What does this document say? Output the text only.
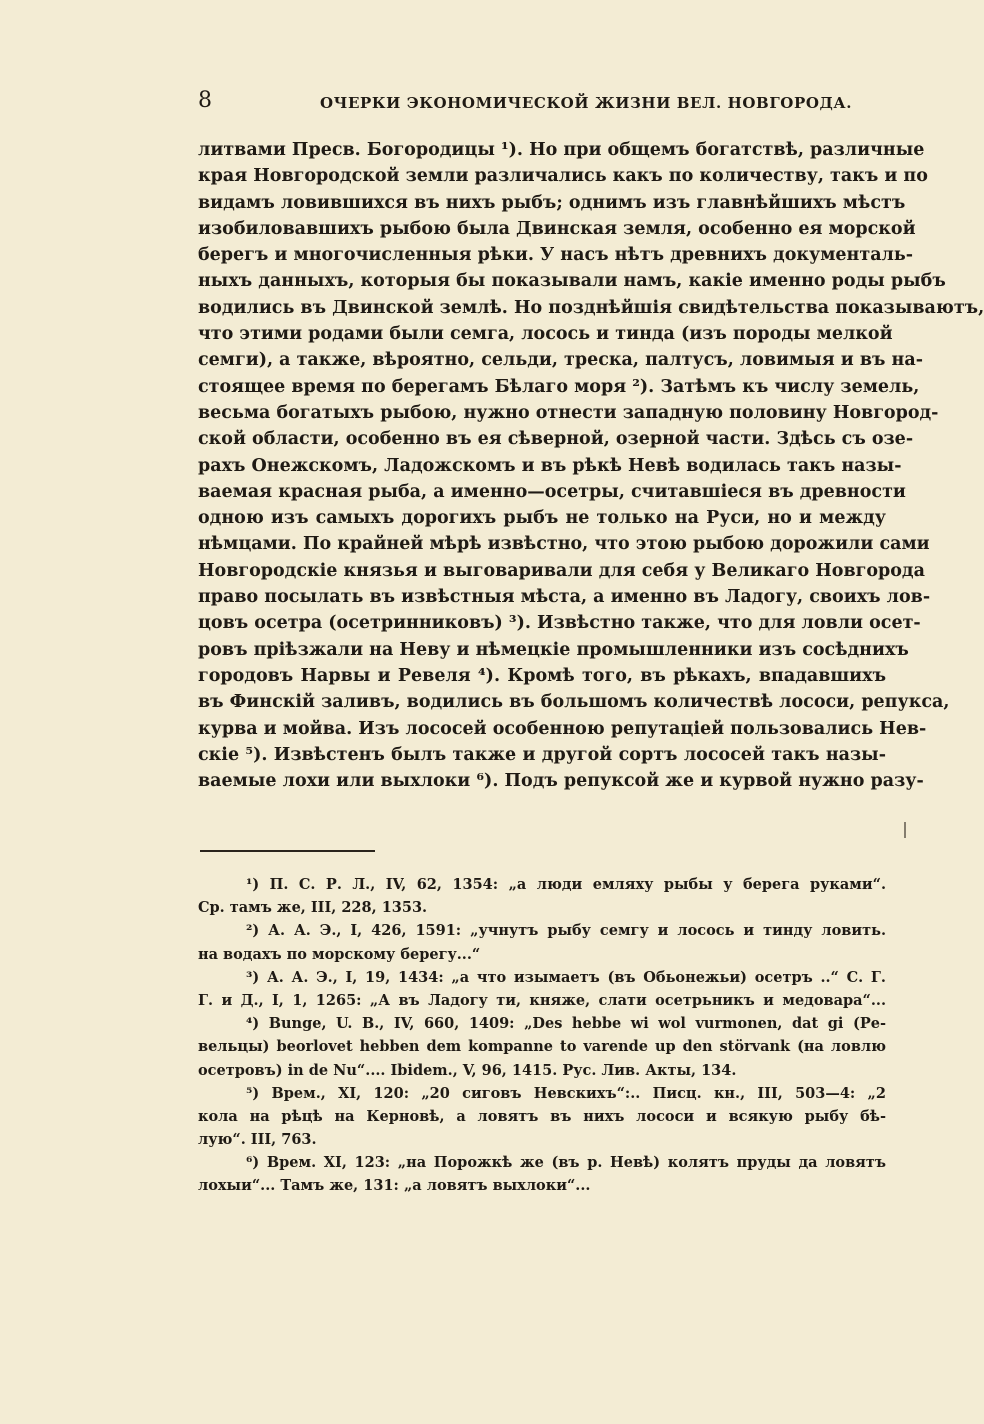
8	ОЧЕРКИ ЭКОНОМИЧЕСКОЙ ЖИЗНИ ВЕЛ. НОВГОРОДА.
литвами Пресв. Богородицы ¹). Но при общемъ богатствѣ, различные
края Новгородской земли различались какъ по количеству, такъ и по
видамъ ловившихся въ нихъ рыбъ; однимъ изъ главнѣйшихъ мѣстъ
изобиловавшихъ рыбою была Двинская земля, особенно ея морской
берегъ и многочисленныя рѣки. У насъ нѣтъ древнихъ документаль-
ныхъ данныхъ, которыя бы показывали намъ, какіе именно роды рыбъ
водились въ Двинской землѣ. Но позднѣйшія свидѣтельства показываютъ,
что этими родами были семга, лосось и тинда (изъ породы мелкой
семги), а также, вѣроятно, сельди, треска, палтусъ, ловимыя и въ на-
стоящее время по берегамъ Бѣлаго моря ²). Затѣмъ къ числу земель,
весьма богатыхъ рыбою, нужно отнести западную половину Новгород-
ской области, особенно въ ея сѣверной, озерной части. Здѣсь съ озе-
рахъ Онежскомъ, Ладожскомъ и въ рѣкѣ Невѣ водилась такъ назы-
ваемая красная рыба, а именно—осетры, считавшіеся въ древности
одною изъ самыхъ дорогихъ рыбъ не только на Руси, но и между
нѣмцами. По крайней мѣрѣ извѣстно, что этою рыбою дорожили сами
Новгородскіе князья и выговаривали для себя у Великаго Новгорода
право посылать въ извѣстныя мѣста, а именно въ Ладогу, своихъ лов-
цовъ осетра (осетринниковъ) ³). Извѣстно также, что для ловли осет-
ровъ пріѣзжали на Неву и нѣмецкіе промышленники изъ сосѣднихъ
городовъ Нарвы и Ревеля ⁴). Кромѣ того, въ рѣкахъ, впадавшихъ
въ Финскій заливъ, водились въ большомъ количествѣ лососи, репукса,
курва и мойва. Изъ лососей особенною репутаціей пользовались Нев-
скіе ⁵). Извѣстенъ былъ также и другой сортъ лососей такъ назы-
ваемые лохи или выхлоки ⁶). Подъ репуксой же и курвой нужно разу-
¹) П. С. Р. Л., IV, 62, 1354: „а люди емляху рыбы у берега руками“.
Ср. тамъ же, III, 228, 1353.
²) А. А. Э., I, 426, 1591: „учнутъ рыбу семгу и лосось и тинду ловить.
на водахъ по морскому берегу...“
³) А. А. Э., I, 19, 1434: „а что изымаетъ (въ Обьонежьи) осетръ ..“ С. Г.
Г. и Д., I, 1, 1265: „А въ Ладогу ти, княже, слати осетрьникъ и медовара“...
⁴) Bunge, U. B., IV, 660, 1409: „Des hebbe wi wol vurmonen, dat gi (Ре-
вельцы) beorlovet hebben dem kompanne to varende up den störvank (на ловлю
осетровъ) in de Nu“.... Ibidem., V, 96, 1415. Рус. Лив. Акты, 134.
⁵) Врем., XI, 120: „20 сиговъ Невскихъ“:.. Писц. кн., III, 503—4: „2
кола на рѣцѣ на Керновѣ, а ловятъ въ нихъ лососи и всякую рыбу бѣ-
лую“. III, 763.
⁶) Врем. XI, 123: „на Порожкѣ же (въ р. Невѣ) колятъ пруды да ловятъ
лохыи“... Тамъ же, 131: „а ловятъ выхлоки“...
